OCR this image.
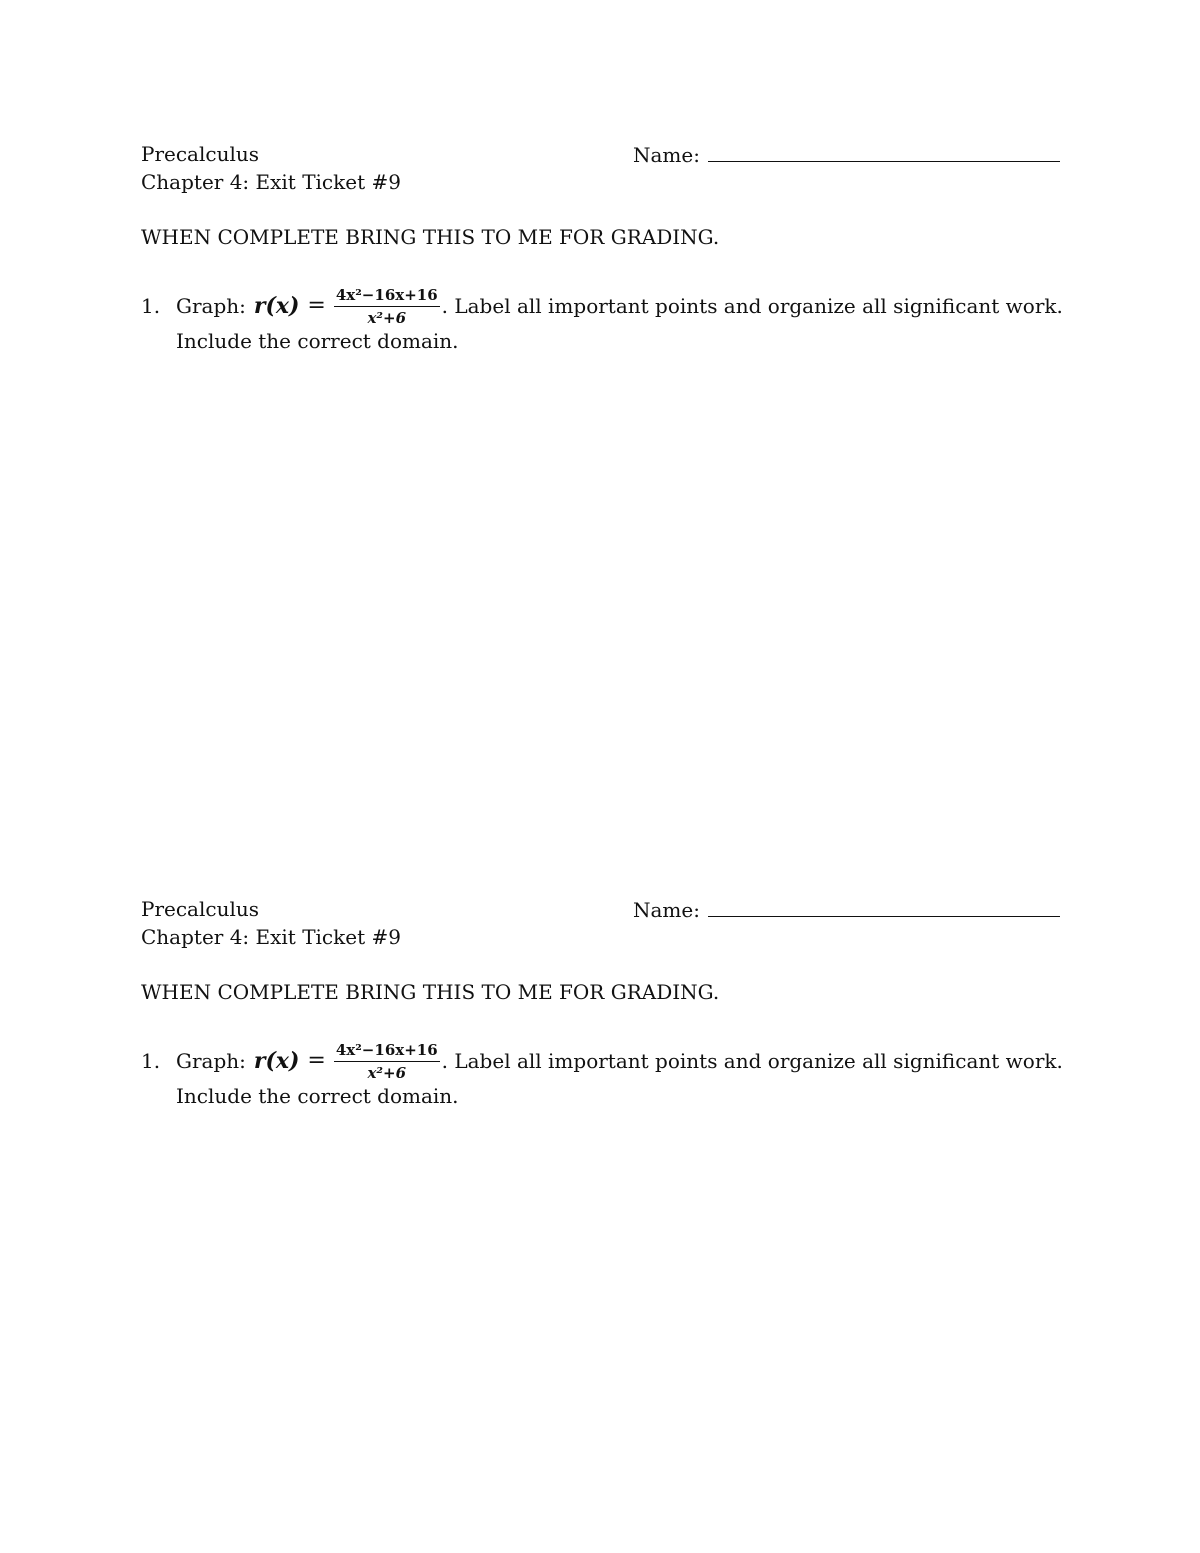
Precalculus	Name:
Chapter 4: Exit Ticket #9
WHEN COMPLETE BRING THIS TO ME FOR GRADING.
1. Graph: $r(x) = \frac{\text{4x²−16x+16}}{\text{x²+6}}$ . Label all important points and organize all significant work.
Include the correct domain.
Precalculus	Name:
Chapter 4: Exit Ticket #9
WHEN COMPLETE BRING THIS TO ME FOR GRADING.
1. Graph: $r(x) = \frac{\text{4x²−16x+16}}{\text{x²+6}}$ . Label all important points and organize all significant work.
Include the correct domain.
